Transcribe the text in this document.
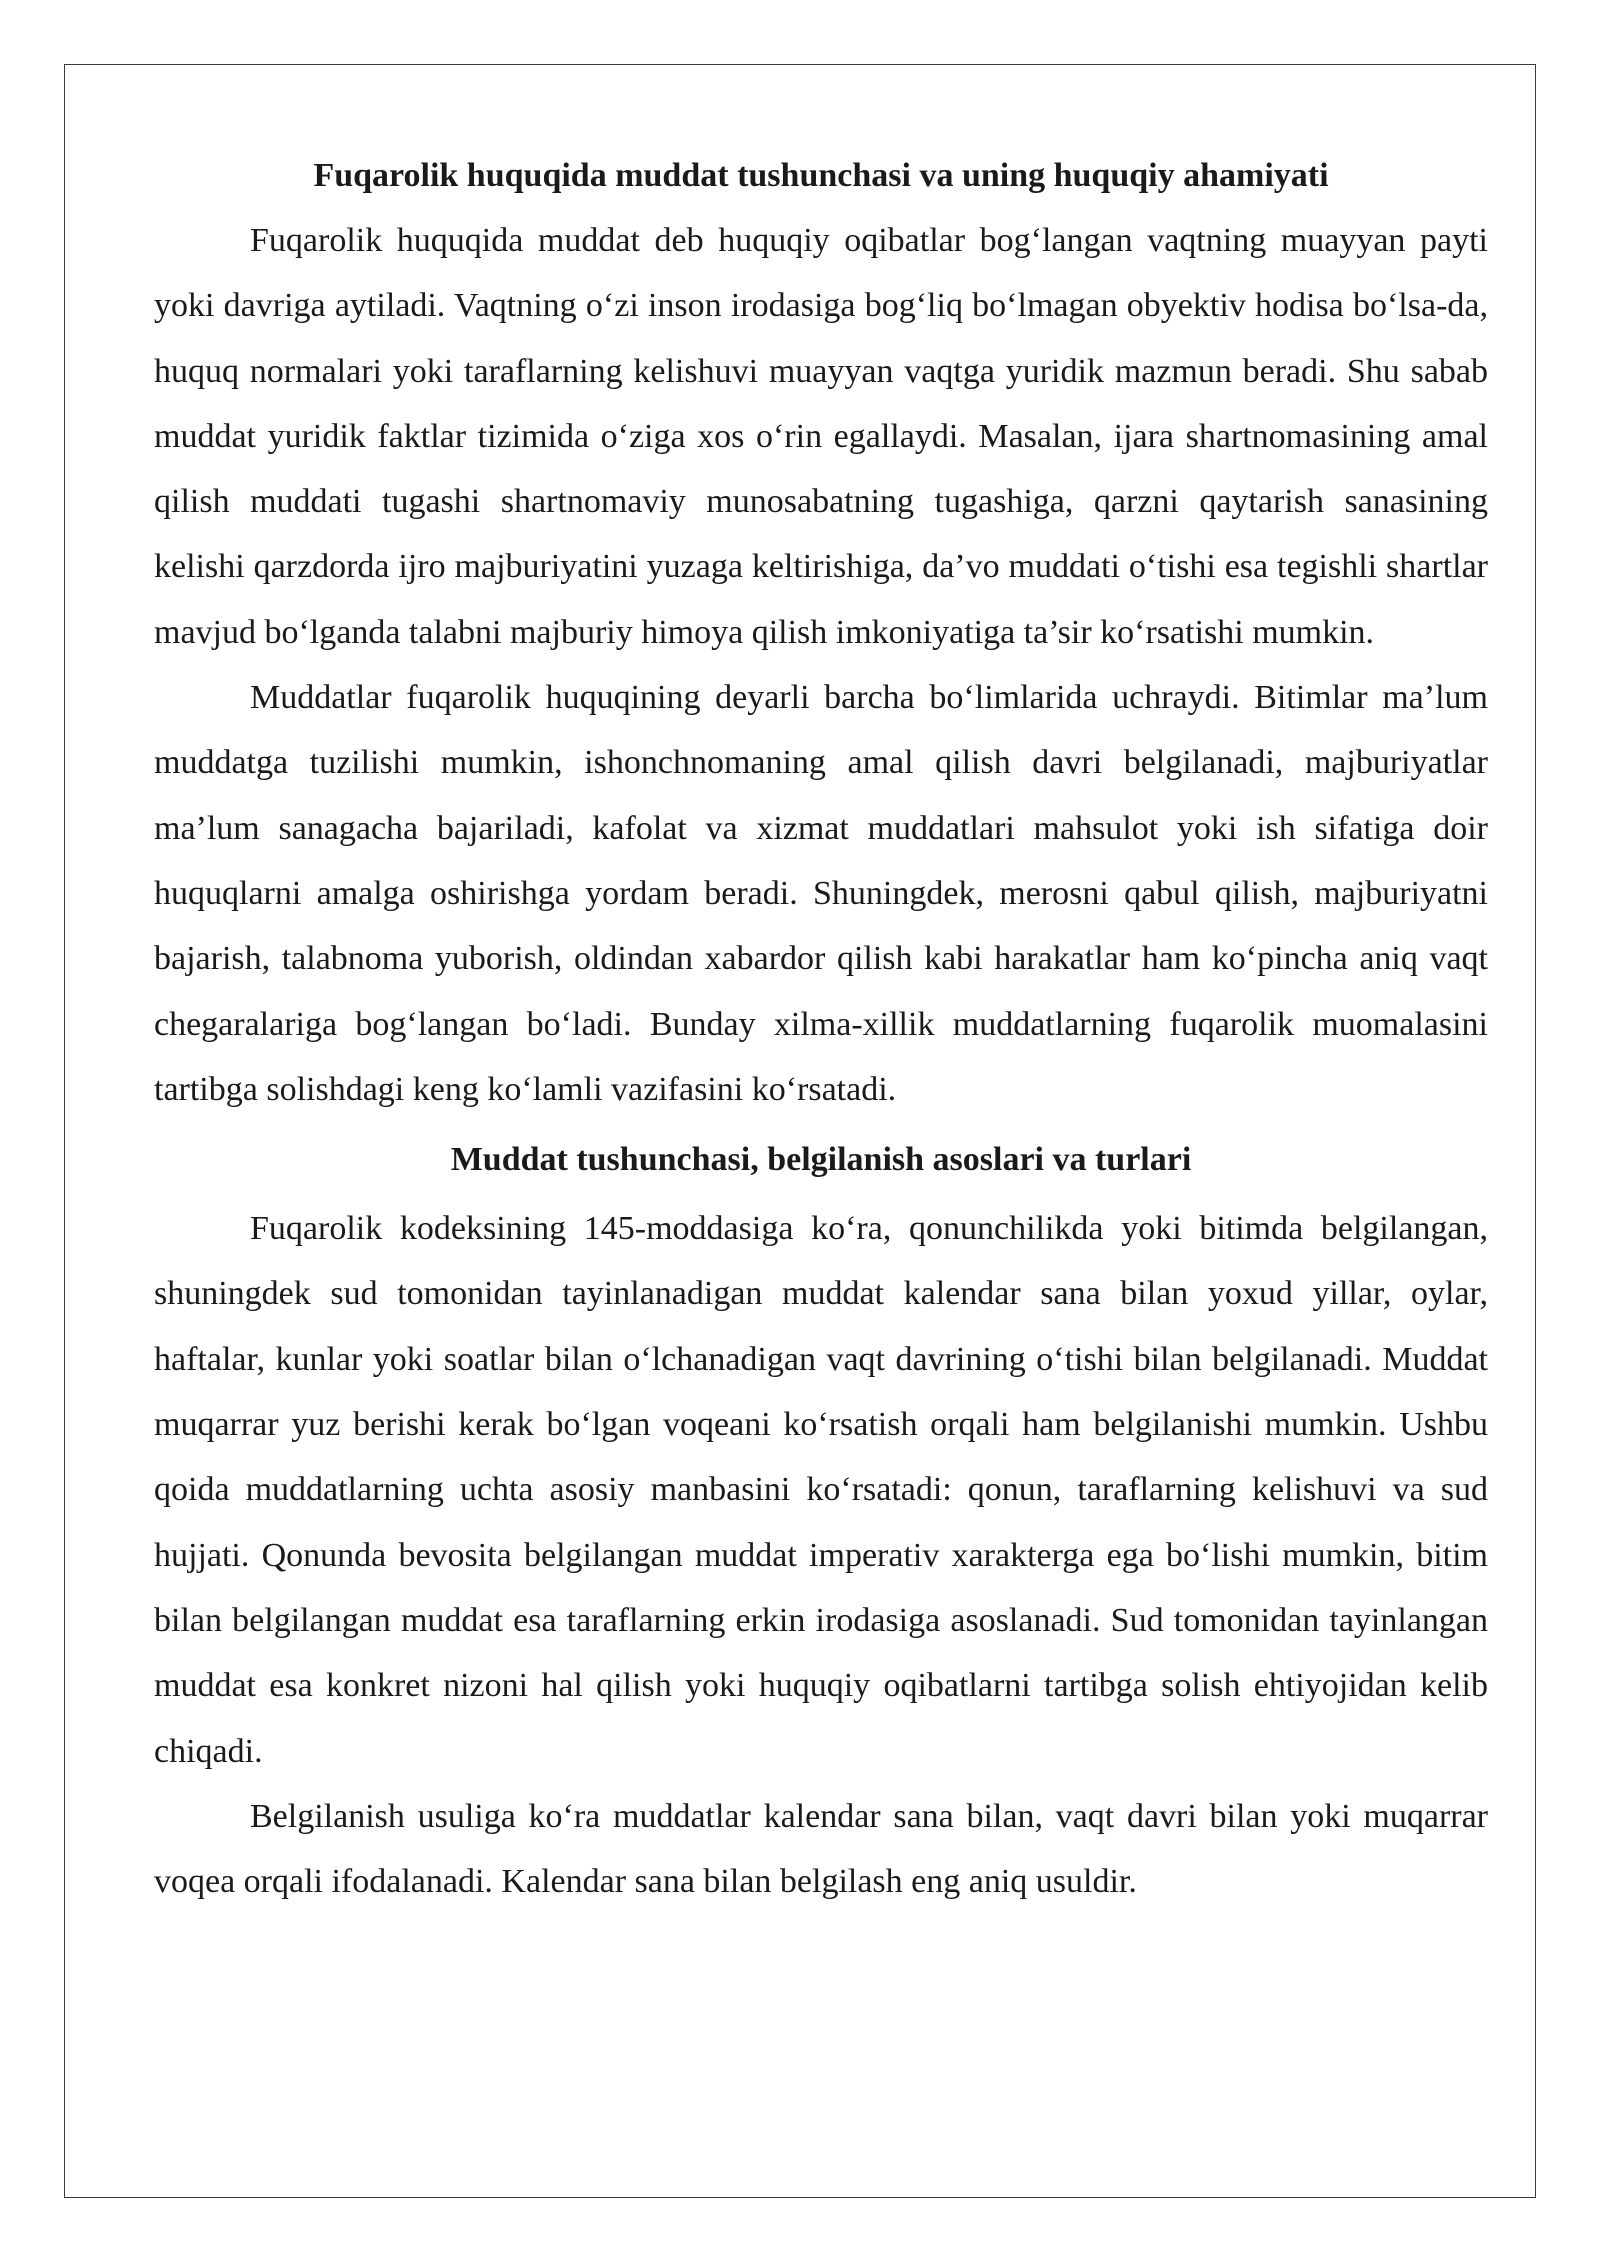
Fuqarolik huquqida muddat tushunchasi va uning huquqiy ahamiyati

Fuqarolik huquqida muddat deb huquqiy oqibatlar bog‘langan vaqtning muayyan payti yoki davriga aytiladi. Vaqtning o‘zi inson irodasiga bog‘liq bo‘lmagan obyektiv hodisa bo‘lsa-da, huquq normalari yoki taraflarning kelishuvi muayyan vaqtga yuridik mazmun beradi. Shu sabab muddat yuridik faktlar tizimida o‘ziga xos o‘rin egallaydi. Masalan, ijara shartnomasining amal qilish muddati tugashi shartnomaviy munosabatning tugashiga, qarzni qaytarish sanasining kelishi qarzdorda ijro majburiyatini yuzaga keltirishiga, da’vo muddati o‘tishi esa tegishli shartlar mavjud bo‘lganda talabni majburiy himoya qilish imkoniyatiga ta’sir ko‘rsatishi mumkin.

Muddatlar fuqarolik huquqining deyarli barcha bo‘limlarida uchraydi. Bitimlar ma’lum muddatga tuzilishi mumkin, ishonchnomaning amal qilish davri belgilanadi, majburiyatlar ma’lum sanagacha bajariladi, kafolat va xizmat muddatlari mahsulot yoki ish sifatiga doir huquqlarni amalga oshirishga yordam beradi. Shuningdek, merosni qabul qilish, majburiyatni bajarish, talabnoma yuborish, oldindan xabardor qilish kabi harakatlar ham ko‘pincha aniq vaqt chegaralariga bog‘langan bo‘ladi. Bunday xilma-xillik muddatlarning fuqarolik muomalasini tartibga solishdagi keng ko‘lamli vazifasini ko‘rsatadi.

Muddat tushunchasi, belgilanish asoslari va turlari

Fuqarolik kodeksining 145-moddasiga ko‘ra, qonunchilikda yoki bitimda belgilangan, shuningdek sud tomonidan tayinlanadigan muddat kalendar sana bilan yoxud yillar, oylar, haftalar, kunlar yoki soatlar bilan o‘lchanadigan vaqt davrining o‘tishi bilan belgilanadi. Muddat muqarrar yuz berishi kerak bo‘lgan voqeani ko‘rsatish orqali ham belgilanishi mumkin. Ushbu qoida muddatlarning uchta asosiy manbasini ko‘rsatadi: qonun, taraflarning kelishuvi va sud hujjati. Qonunda bevosita belgilangan muddat imperativ xarakterga ega bo‘lishi mumkin, bitim bilan belgilangan muddat esa taraflarning erkin irodasiga asoslanadi. Sud tomonidan tayinlangan muddat esa konkret nizoni hal qilish yoki huquqiy oqibatlarni tartibga solish ehtiyojidan kelib chiqadi.

Belgilanish usuliga ko‘ra muddatlar kalendar sana bilan, vaqt davri bilan yoki muqarrar voqea orqali ifodalanadi. Kalendar sana bilan belgilash eng aniq usuldir.
